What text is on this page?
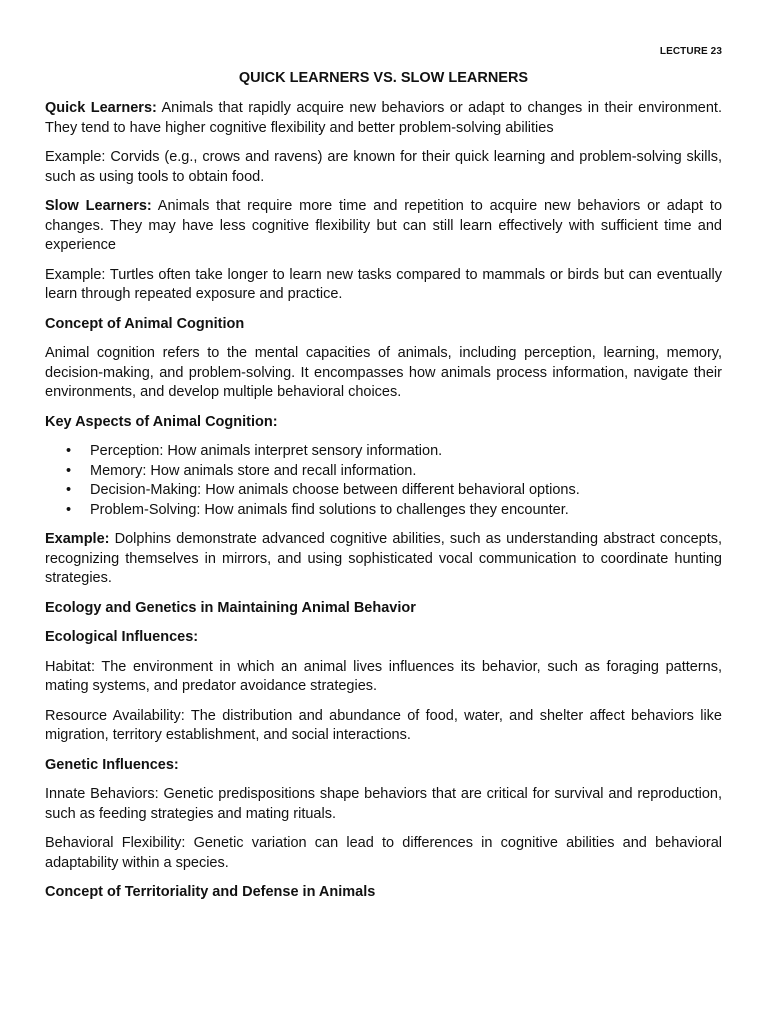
LECTURE 23
QUICK LEARNERS VS. SLOW LEARNERS

Quick Learners: Animals that rapidly acquire new behaviors or adapt to changes in their environment. They tend to have higher cognitive flexibility and better problem-solving abilities

Example: Corvids (e.g., crows and ravens) are known for their quick learning and problem-solving skills, such as using tools to obtain food.

Slow Learners: Animals that require more time and repetition to acquire new behaviors or adapt to changes. They may have less cognitive flexibility but can still learn effectively with sufficient time and experience

Example: Turtles often take longer to learn new tasks compared to mammals or birds but can eventually learn through repeated exposure and practice.

Concept of Animal Cognition

Animal cognition refers to the mental capacities of animals, including perception, learning, memory, decision-making, and problem-solving. It encompasses how animals process information, navigate their environments, and develop multiple behavioral choices.

Key Aspects of Animal Cognition:

• Perception: How animals interpret sensory information.
• Memory: How animals store and recall information.
• Decision-Making: How animals choose between different behavioral options.
• Problem-Solving: How animals find solutions to challenges they encounter.

Example: Dolphins demonstrate advanced cognitive abilities, such as understanding abstract concepts, recognizing themselves in mirrors, and using sophisticated vocal communication to coordinate hunting strategies.

Ecology and Genetics in Maintaining Animal Behavior

Ecological Influences:

Habitat: The environment in which an animal lives influences its behavior, such as foraging patterns, mating systems, and predator avoidance strategies.

Resource Availability: The distribution and abundance of food, water, and shelter affect behaviors like migration, territory establishment, and social interactions.

Genetic Influences:

Innate Behaviors: Genetic predispositions shape behaviors that are critical for survival and reproduction, such as feeding strategies and mating rituals.

Behavioral Flexibility: Genetic variation can lead to differences in cognitive abilities and behavioral adaptability within a species.

Concept of Territoriality and Defense in Animals
